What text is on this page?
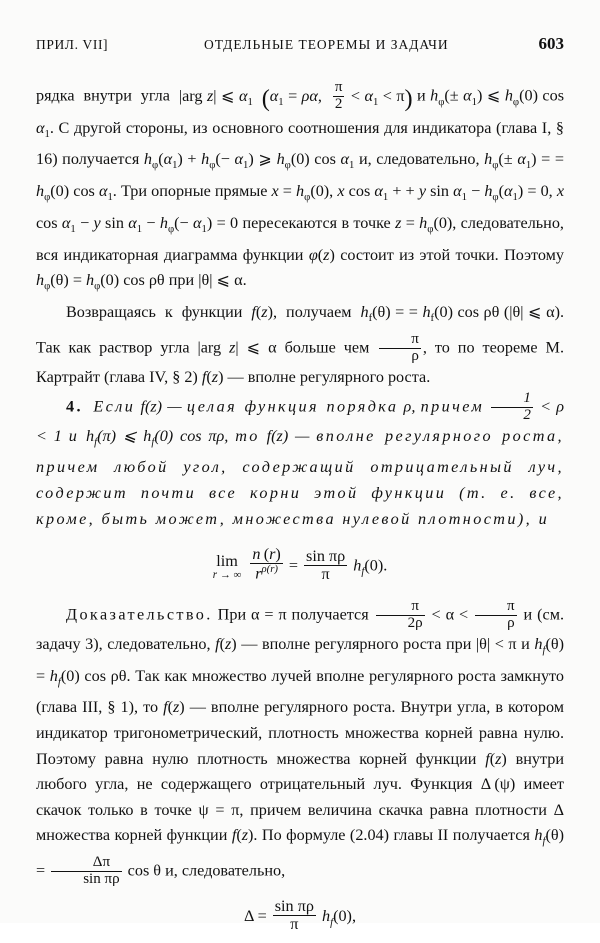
ПРИЛ. VII]	ОТДЕЛЬНЫЕ ТЕОРЕМЫ И ЗАДАЧИ	603

рядка  внутри  угла  |arg z| ⩽ $\alpha_1$ ($\alpha_1 = \rho\alpha$, $\frac{\pi}{2} < \alpha_1 < \pi$) и $h_\varphi(\pm \alpha_1)$ ⩽ $h_\varphi(0)$ $\cos \alpha_1$. С другой стороны, из основного соотношения для индикатора (глава I, § 16) получается $h_\varphi(\alpha_1) + h_\varphi(- \alpha_1)$ ⩾ $h_\varphi(0)$ $\cos \alpha_1$ и, следовательно, $h_\varphi(\pm \alpha_1)$ = = $h_\varphi(0)$ $\cos \alpha_1$. Три опорные прямые $x = h_\varphi(0)$, x $\cos \alpha_1$ + + y $\sin \alpha_1 - h_\varphi(\alpha_1) = 0$, x $\cos \alpha_1 - y$ $\sin \alpha_1 - h_\varphi(- \alpha_1) = 0$ пересекаются в точке $z = h_\varphi(0)$, следовательно, вся индикаторная диаграмма функции φ(z) состоит из этой точки. Поэтому $h_\varphi(\theta) = h_\varphi(0)$ cos ρθ при |θ| ⩽ α.

Возвращаясь  к  функции  f(z),  получаем  $h_f(\theta)$ = = $h_f(0)$ cos ρθ (|θ| ⩽ α). Так как раствор угла |arg z| ⩽ α больше чем $\frac{\pi}{\rho}$ , то по теореме М. Картрайт (глава IV, § 2) f(z) — вполне регулярного роста.

4. Если f(z) — целая функция порядка ρ, причем $\frac{1}{2} < \rho < 1$ и $h_f(\pi)$ ⩽ $h_f(0)$ cos πρ, то f(z) — вполне регулярного роста, причем любой угол, содержащий отрицательный луч, содержит почти все корни этой функции (т. е. все, кроме, быть может, множества нулевой плотности), и

lim
r → ∞
$\frac{n (r)}{r^{\rho(r)}} = \frac{\text{sin πρ}}{\pi} h_f(0)$.

Доказательство. При α = π получается $\frac{\pi}{2\rho} < \alpha < \frac{\pi}{\rho}$ и (см. задачу 3), следовательно, f(z) — вполне регулярного роста при |θ| < π и $h_f(\theta) = h_f(0)$ cos ρθ. Так как множество лучей вполне регулярного роста замкнуто (глава III, § 1), то f(z) — вполне регулярного роста. Внутри угла, в котором индикатор тригонометрический, плотность множества корней равна нулю. Поэтому равна нулю плотность множества корней функции f(z) внутри любого угла, не содержащего отрицательный луч. Функция Δ (ψ) имеет скачок только в точке ψ = π, причем величина скачка равна плотности Δ множества корней функции f(z). По формуле (2.04) главы II получается $h_f(\theta) = \frac{\Delta\pi}{\text{sin πρ}}$ cos θ и, следовательно,

$\Delta = \frac{\text{sin πρ}}{\pi} h_f(0)$,
